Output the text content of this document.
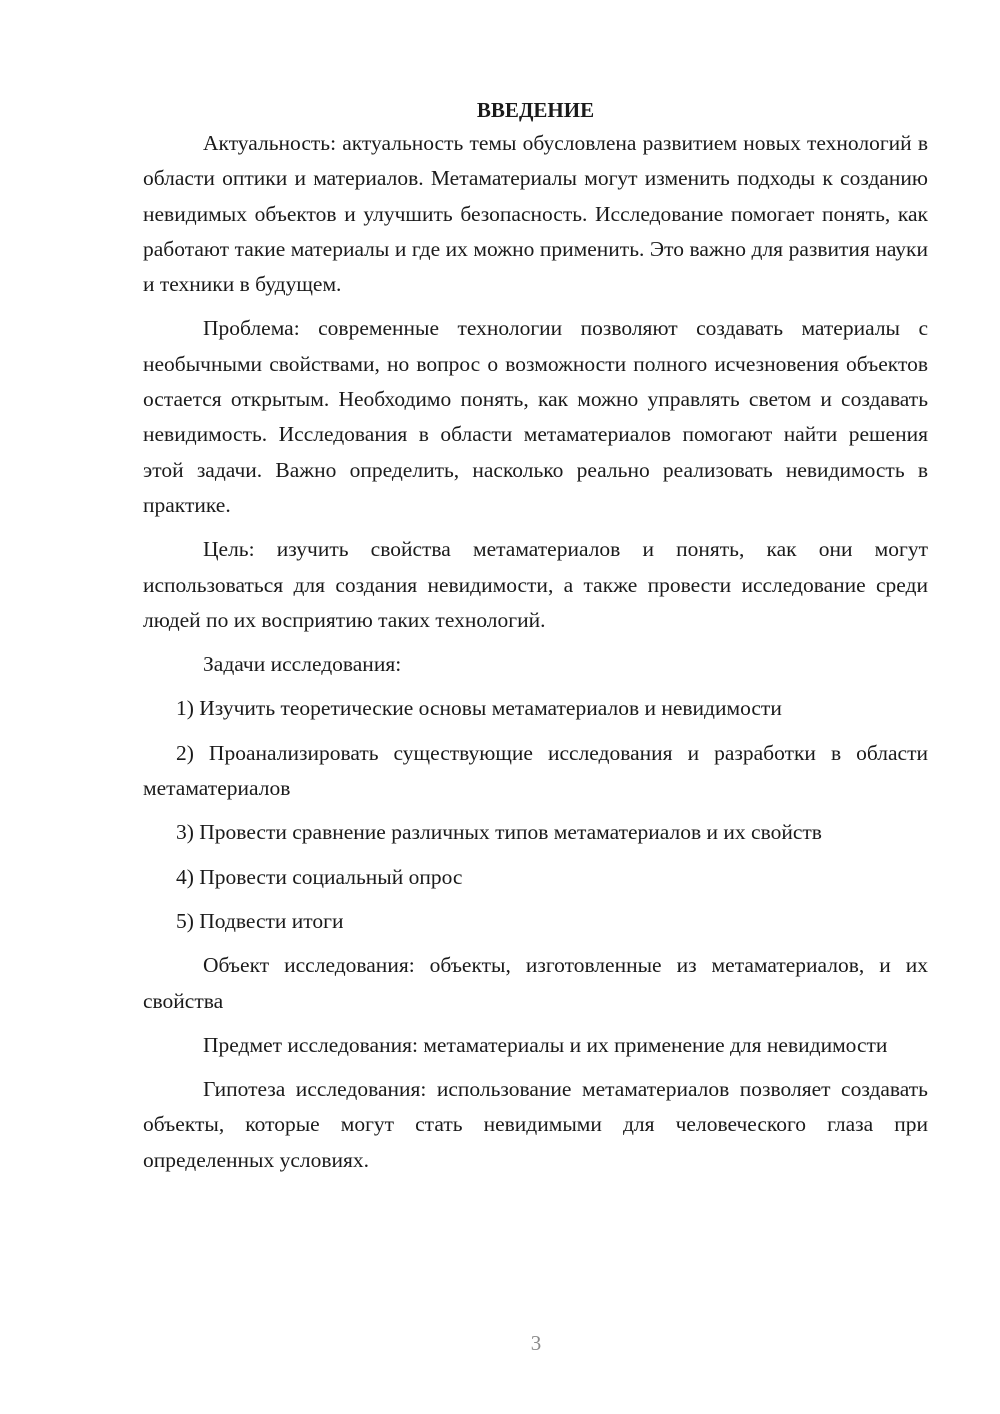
ВВЕДЕНИЕ

Актуальность: актуальность темы обусловлена развитием новых технологий в области оптики и материалов. Метаматериалы могут изменить подходы к созданию невидимых объектов и улучшить безопасность. Исследование помогает понять, как работают такие материалы и где их можно применить. Это важно для развития науки и техники в будущем.

Проблема: современные технологии позволяют создавать материалы с необычными свойствами, но вопрос о возможности полного исчезновения объектов остается открытым. Необходимо понять, как можно управлять светом и создавать невидимость. Исследования в области метаматериалов помогают найти решения этой задачи. Важно определить, насколько реально реализовать невидимость в практике.

Цель: изучить свойства метаматериалов и понять, как они могут использоваться для создания невидимости, а также провести исследование среди людей по их восприятию таких технологий.

Задачи исследования:

1) Изучить теоретические основы метаматериалов и невидимости

2) Проанализировать существующие исследования и разработки в области метаматериалов

3) Провести сравнение различных типов метаматериалов и их свойств

4) Провести социальный опрос

5) Подвести итоги

Объект исследования: объекты, изготовленные из метаматериалов, и их свойства

Предмет исследования: метаматериалы и их применение для невидимости

Гипотеза исследования: использование метаматериалов позволяет создавать объекты, которые могут стать невидимыми для человеческого глаза при определенных условиях.

3
